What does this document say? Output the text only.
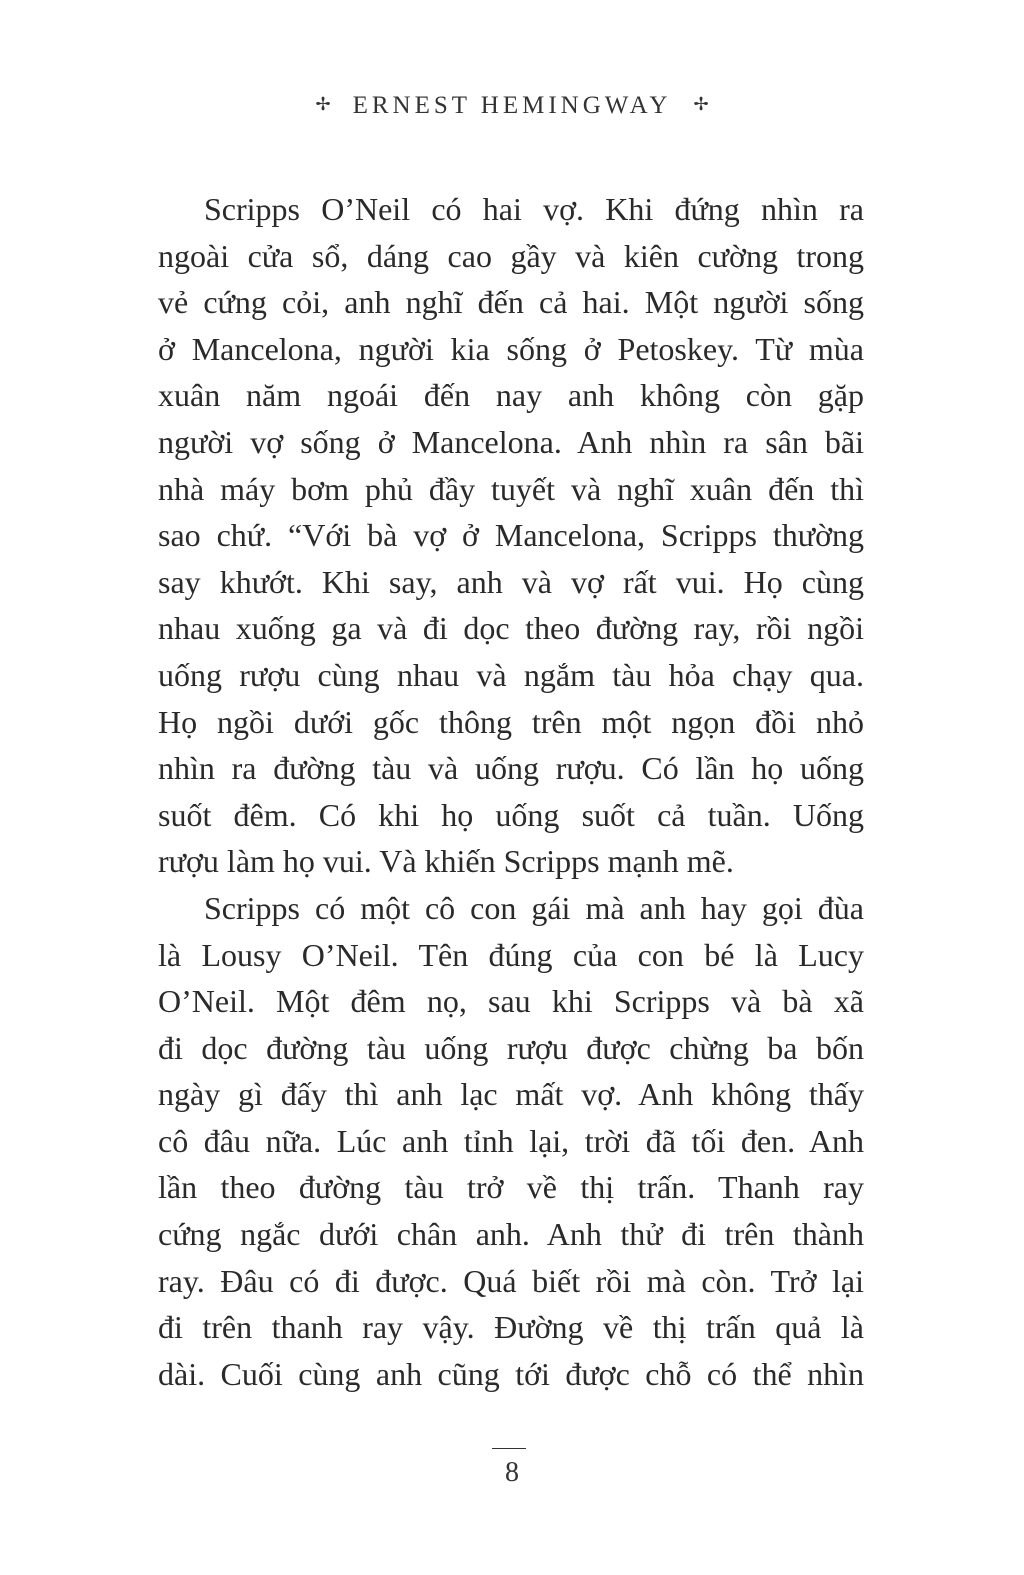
✢ ERNEST HEMINGWAY ✢
Scripps O’Neil có hai vợ. Khi đứng nhìn ra
ngoài cửa sổ, dáng cao gầy và kiên cường trong
vẻ cứng cỏi, anh nghĩ đến cả hai. Một người sống
ở Mancelona, người kia sống ở Petoskey. Từ mùa
xuân năm ngoái đến nay anh không còn gặp
người vợ sống ở Mancelona. Anh nhìn ra sân bãi
nhà máy bơm phủ đầy tuyết và nghĩ xuân đến thì
sao chứ. “Với bà vợ ở Mancelona, Scripps thường
say khướt. Khi say, anh và vợ rất vui. Họ cùng
nhau xuống ga và đi dọc theo đường ray, rồi ngồi
uống rượu cùng nhau và ngắm tàu hỏa chạy qua.
Họ ngồi dưới gốc thông trên một ngọn đồi nhỏ
nhìn ra đường tàu và uống rượu. Có lần họ uống
suốt đêm. Có khi họ uống suốt cả tuần. Uống
rượu làm họ vui. Và khiến Scripps mạnh mẽ.
Scripps có một cô con gái mà anh hay gọi đùa
là Lousy O’Neil. Tên đúng của con bé là Lucy
O’Neil. Một đêm nọ, sau khi Scripps và bà xã
đi dọc đường tàu uống rượu được chừng ba bốn
ngày gì đấy thì anh lạc mất vợ. Anh không thấy
cô đâu nữa. Lúc anh tỉnh lại, trời đã tối đen. Anh
lần theo đường tàu trở về thị trấn. Thanh ray
cứng ngắc dưới chân anh. Anh thử đi trên thành
ray. Đâu có đi được. Quá biết rồi mà còn. Trở lại
đi trên thanh ray vậy. Đường về thị trấn quả là
dài. Cuối cùng anh cũng tới được chỗ có thể nhìn
8
